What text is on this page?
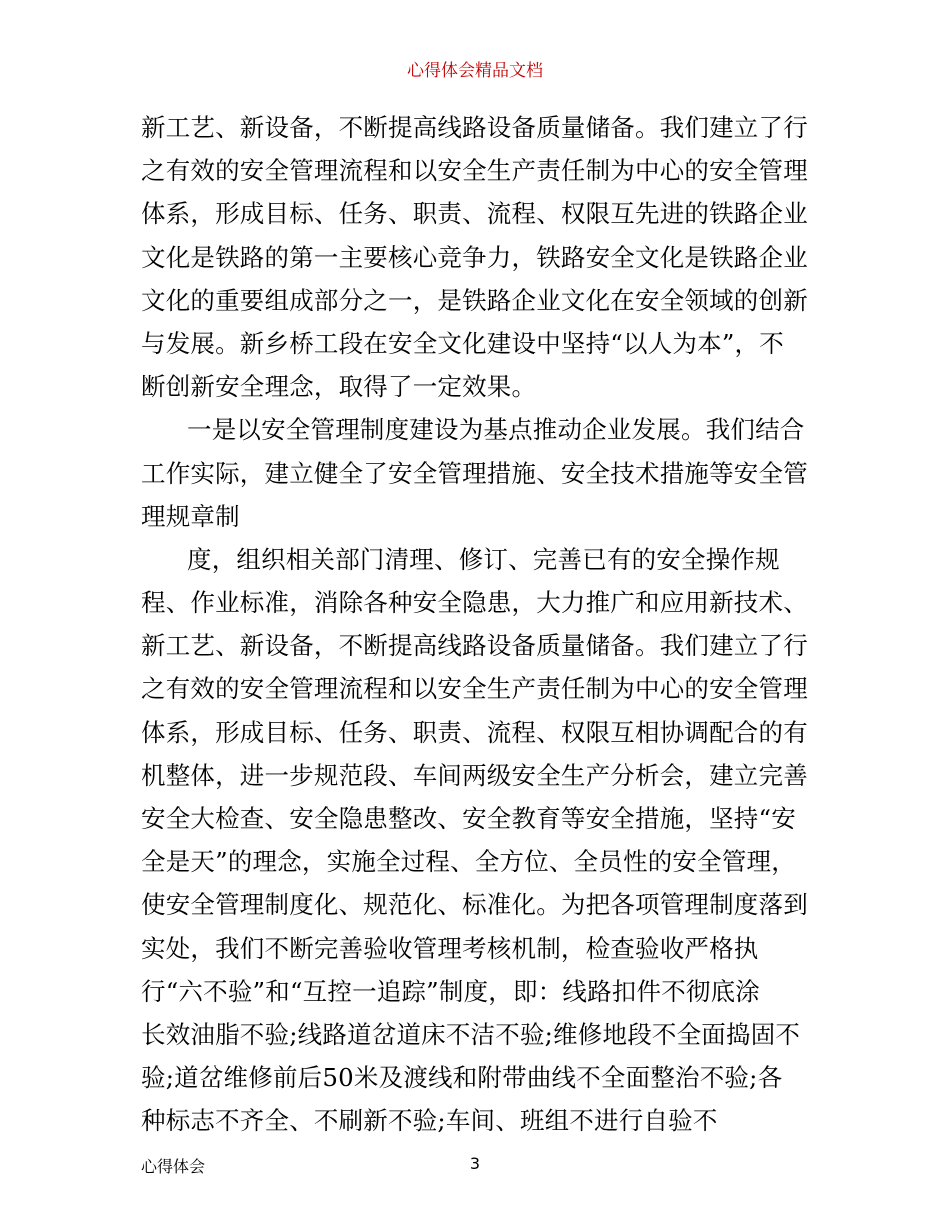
心得体会精品文档
新工艺、新设备，不断提高线路设备质量储备。我们建立了行
之有效的安全管理流程和以安全生产责任制为中心的安全管理
体系，形成目标、任务、职责、流程、权限互先进的铁路企业
文化是铁路的第一主要核心竞争力，铁路安全文化是铁路企业
文化的重要组成部分之一，是铁路企业文化在安全领域的创新
与发展。新乡桥工段在安全文化建设中坚持“以人为本”，不
断创新安全理念，取得了一定效果。
一是以安全管理制度建设为基点推动企业发展。我们结合
工作实际，建立健全了安全管理措施、安全技术措施等安全管
理规章制
度，组织相关部门清理、修订、完善已有的安全操作规
程、作业标准，消除各种安全隐患，大力推广和应用新技术、
新工艺、新设备，不断提高线路设备质量储备。我们建立了行
之有效的安全管理流程和以安全生产责任制为中心的安全管理
体系，形成目标、任务、职责、流程、权限互相协调配合的有
机整体，进一步规范段、车间两级安全生产分析会，建立完善
安全大检查、安全隐患整改、安全教育等安全措施，坚持“安
全是天”的理念，实施全过程、全方位、全员性的安全管理，
使安全管理制度化、规范化、标准化。为把各项管理制度落到
实处，我们不断完善验收管理考核机制，检查验收严格执
行“六不验”和“互控一追踪”制度，即：线路扣件不彻底涂
长效油脂不验;线路道岔道床不洁不验;维修地段不全面捣固不
验;道岔维修前后50米及渡线和附带曲线不全面整治不验;各
种标志不齐全、不刷新不验;车间、班组不进行自验不
心得体会	3
